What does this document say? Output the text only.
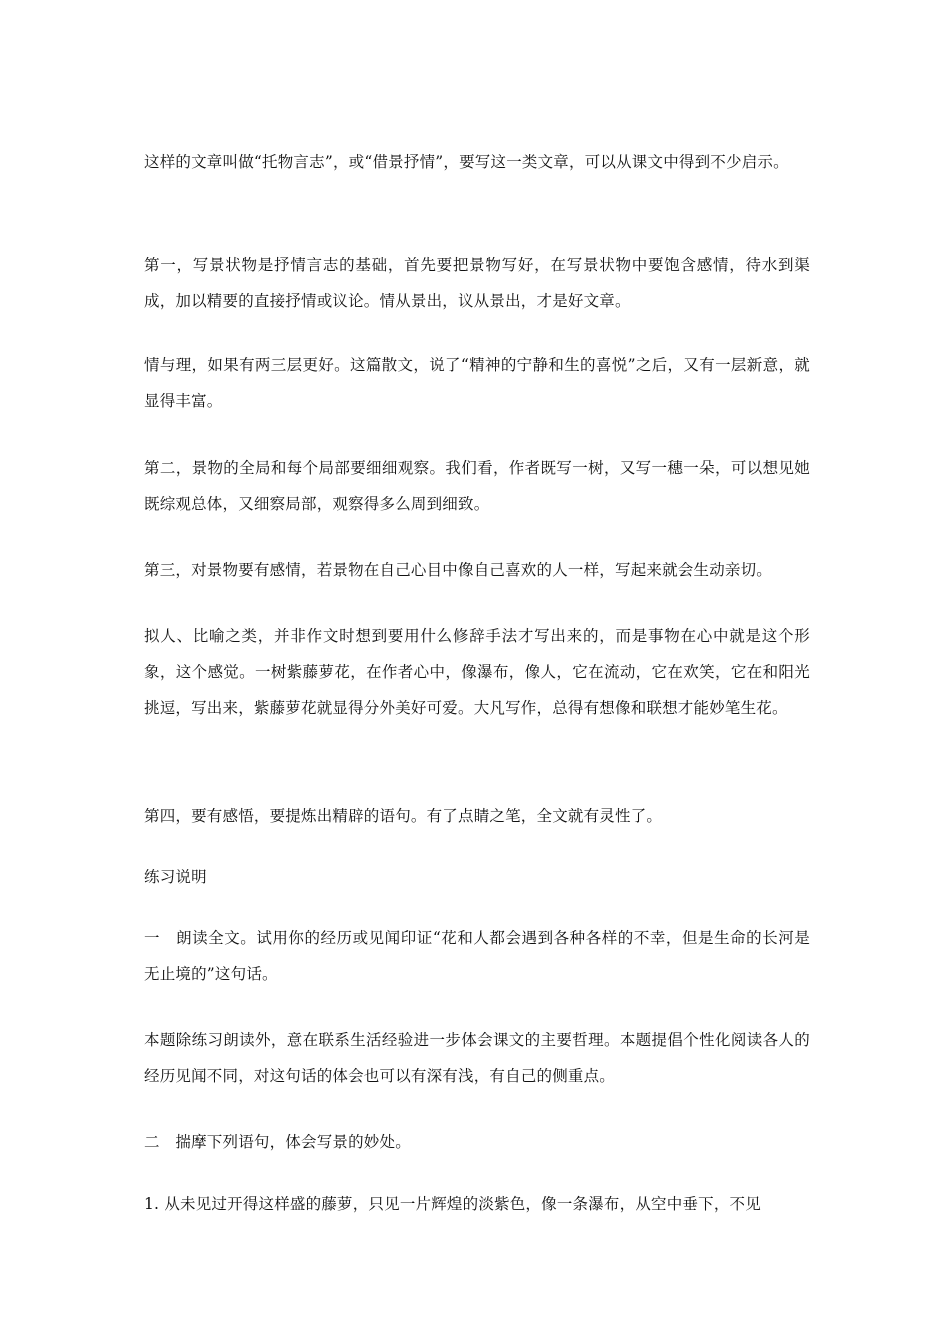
这样的文章叫做“托物言志”，或“借景抒情”，要写这一类文章，可以从课文中得到不少启示。

第一，写景状物是抒情言志的基础，首先要把景物写好，在写景状物中要饱含感情，待水到渠成，加以精要的直接抒情或议论。情从景出，议从景出，才是好文章。

情与理，如果有两三层更好。这篇散文，说了“精神的宁静和生的喜悦”之后，又有一层新意，就显得丰富。

第二，景物的全局和每个局部要细细观察。我们看，作者既写一树，又写一穗一朵，可以想见她既综观总体，又细察局部，观察得多么周到细致。

第三，对景物要有感情，若景物在自己心目中像自己喜欢的人一样，写起来就会生动亲切。

拟人、比喻之类，并非作文时想到要用什么修辞手法才写出来的，而是事物在心中就是这个形象，这个感觉。一树紫藤萝花，在作者心中，像瀑布，像人，它在流动，它在欢笑，它在和阳光挑逗，写出来，紫藤萝花就显得分外美好可爱。大凡写作，总得有想像和联想才能妙笔生花。

第四，要有感悟，要提炼出精辟的语句。有了点睛之笔，全文就有灵性了。

练习说明

一　朗读全文。试用你的经历或见闻印证“花和人都会遇到各种各样的不幸，但是生命的长河是无止境的”这句话。

本题除练习朗读外，意在联系生活经验进一步体会课文的主要哲理。本题提倡个性化阅读各人的经历见闻不同，对这句话的体会也可以有深有浅，有自己的侧重点。

二　揣摩下列语句，体会写景的妙处。

1. 从未见过开得这样盛的藤萝，只见一片辉煌的淡紫色，像一条瀑布，从空中垂下，不见
